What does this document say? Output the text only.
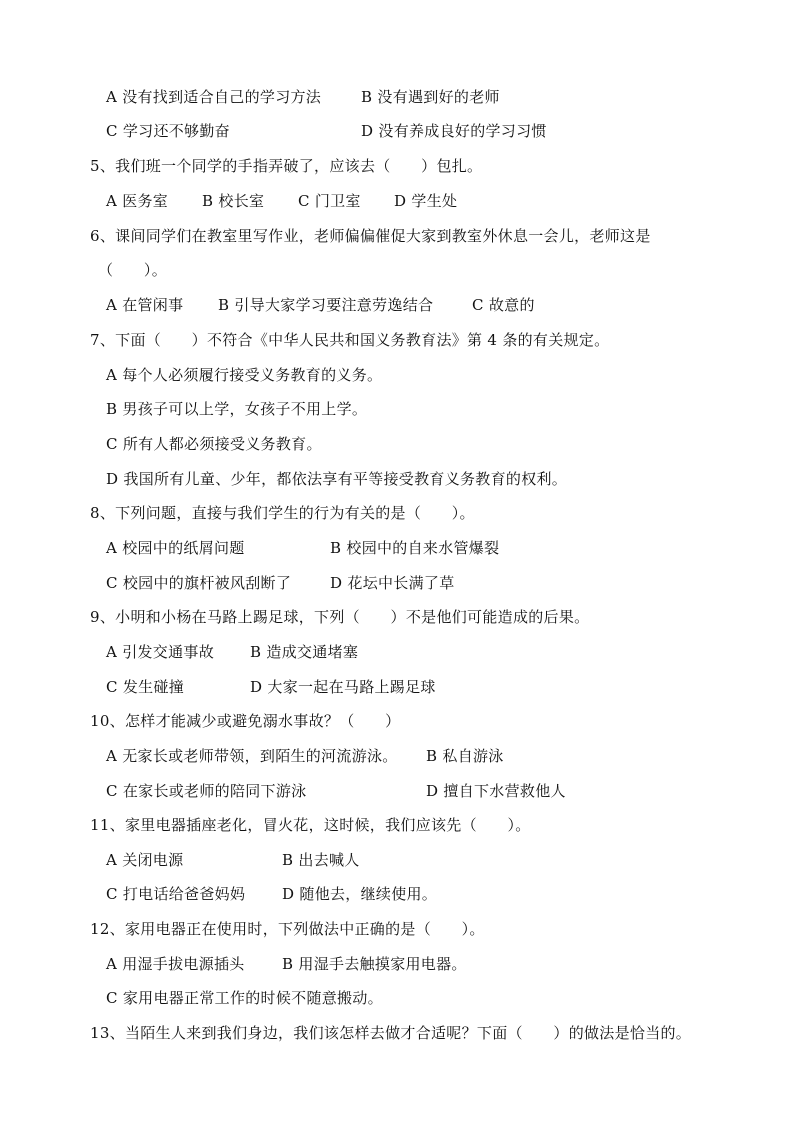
A 没有找到适合自己的学习方法	B 没有遇到好的老师
C 学习还不够勤奋	D 没有养成良好的学习习惯
5、我们班一个同学的手指弄破了，应该去（　　）包扎。
A 医务室 B 校长室 C 门卫室 D 学生处
6、课间同学们在教室里写作业，老师偏偏催促大家到教室外休息一会儿，老师这是
（　　）。
A 在管闲事 B 引导大家学习要注意劳逸结合	C 故意的
7、下面（　　）不符合《中华人民共和国义务教育法》第 4 条的有关规定。
A 每个人必须履行接受义务教育的义务。
B 男孩子可以上学，女孩子不用上学。
C 所有人都必须接受义务教育。
D 我国所有儿童、少年，都依法享有平等接受教育义务教育的权利。
8、下列问题，直接与我们学生的行为有关的是（　　）。
A 校园中的纸屑问题	B 校园中的自来水管爆裂
C 校园中的旗杆被风刮断了	D 花坛中长满了草
9、小明和小杨在马路上踢足球，下列（　　）不是他们可能造成的后果。
A 引发交通事故 B 造成交通堵塞
C 发生碰撞	D 大家一起在马路上踢足球
10、怎样才能减少或避免溺水事故？（　　）
A 无家长或老师带领，到陌生的河流游泳。 B 私自游泳
C 在家长或老师的陪同下游泳	D 擅自下水营救他人
11、家里电器插座老化，冒火花，这时候，我们应该先（　　）。
A 关闭电源	B 出去喊人
C 打电话给爸爸妈妈 D 随他去，继续使用。
12、家用电器正在使用时，下列做法中正确的是（　　）。
A 用湿手拔电源插头 B 用湿手去触摸家用电器。
C 家用电器正常工作的时候不随意搬动。
13、当陌生人来到我们身边，我们该怎样去做才合适呢？下面（　　）的做法是恰当的。
